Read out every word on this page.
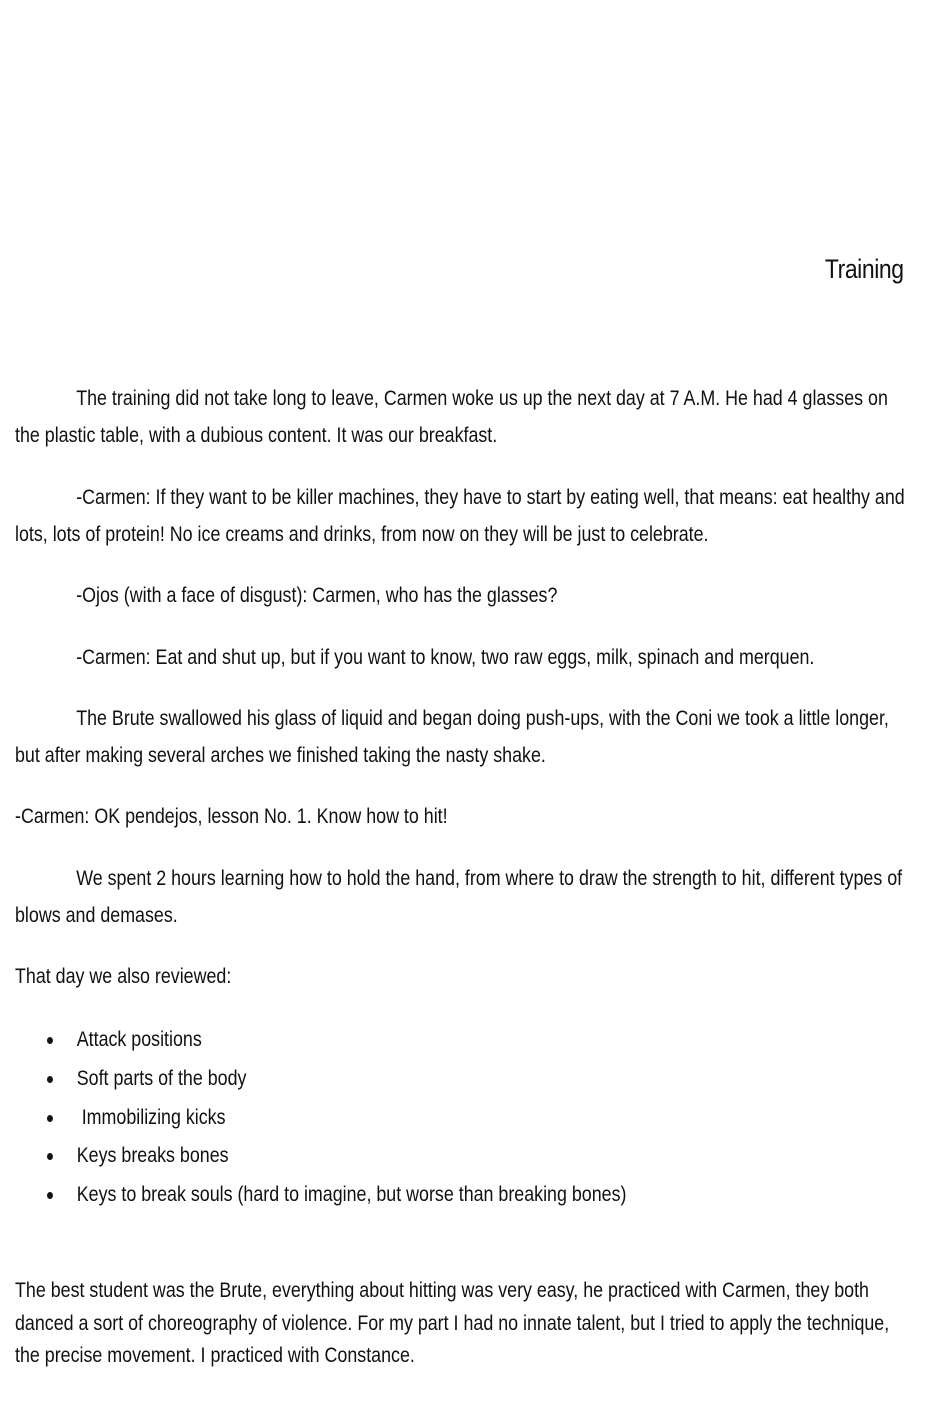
Training

The training did not take long to leave, Carmen woke us up the next day at 7 A.M. He had 4 glasses on the plastic table, with a dubious content. It was our breakfast.

-Carmen: If they want to be killer machines, they have to start by eating well, that means: eat healthy and lots, lots of protein! No ice creams and drinks, from now on they will be just to celebrate.

-Ojos (with a face of disgust): Carmen, who has the glasses?

-Carmen: Eat and shut up, but if you want to know, two raw eggs, milk, spinach and merquen.

The Brute swallowed his glass of liquid and began doing push-ups, with the Coni we took a little longer, but after making several arches we finished taking the nasty shake.

-Carmen: OK pendejos, lesson No. 1. Know how to hit!

We spent 2 hours learning how to hold the hand, from where to draw the strength to hit, different types of blows and demases.

That day we also reviewed:

Attack positions
Soft parts of the body
Immobilizing kicks
Keys breaks bones
Keys to break souls (hard to imagine, but worse than breaking bones)

The best student was the Brute, everything about hitting was very easy, he practiced with Carmen, they both danced a sort of choreography of violence. For my part I had no innate talent, but I tried to apply the technique, the precise movement. I practiced with Constance.
